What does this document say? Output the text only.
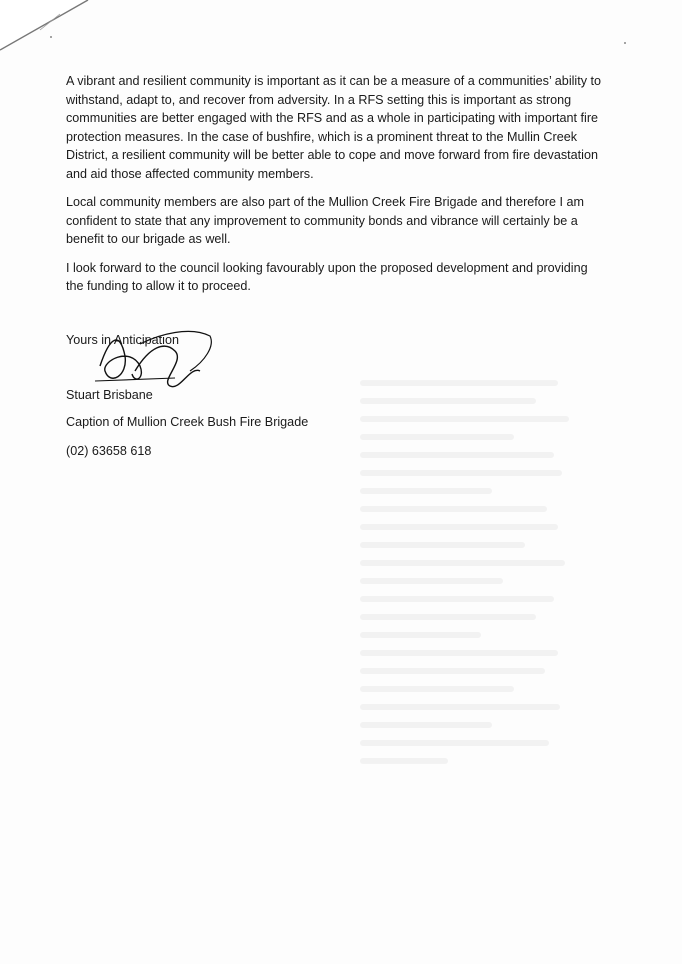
A vibrant and resilient community is important as it can be a measure of a communities’ ability to withstand, adapt to, and recover from adversity. In a RFS setting this is important as strong communities are better engaged with the RFS and as a whole in participating with important fire protection measures. In the case of bushfire, which is a prominent threat to the Mullin Creek District, a resilient community will be better able to cope and move forward from fire devastation and aid those affected community members.

Local community members are also part of the Mullion Creek Fire Brigade and therefore I am confident to state that any improvement to community bonds and vibrance will certainly be a benefit to our brigade as well.

I look forward to the council looking favourably upon the proposed development and providing the funding to allow it to proceed.

Yours in Anticipation
Stuart Brisbane
Caption of Mullion Creek Bush Fire Brigade
(02) 63658 618
